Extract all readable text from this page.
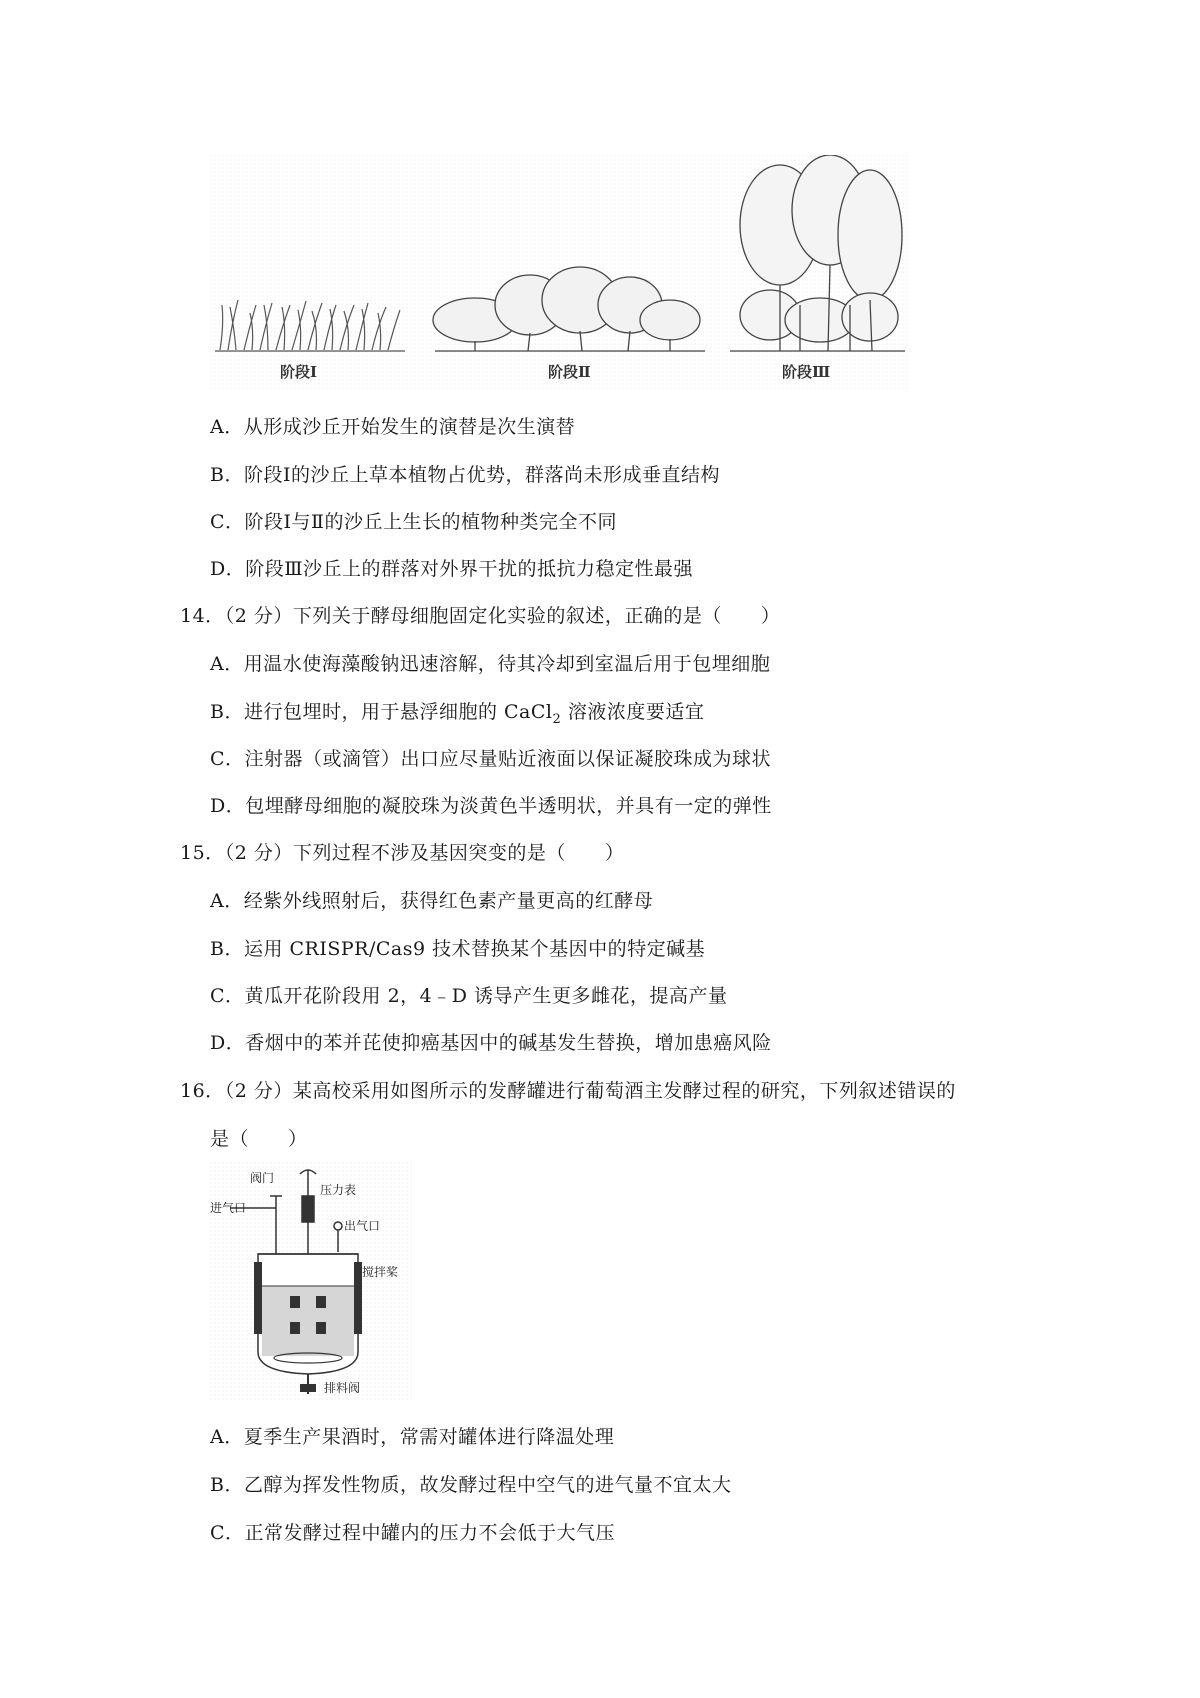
阶段Ⅰ	阶段Ⅱ	阶段Ⅲ
A．从形成沙丘开始发生的演替是次生演替
B．阶段Ⅰ的沙丘上草本植物占优势，群落尚未形成垂直结构
C．阶段Ⅰ与Ⅱ的沙丘上生长的植物种类完全不同
D．阶段Ⅲ沙丘上的群落对外界干扰的抵抗力稳定性最强
14．（2 分）下列关于酵母细胞固定化实验的叙述，正确的是（　　）
A．用温水使海藻酸钠迅速溶解，待其冷却到室温后用于包埋细胞
B．进行包埋时，用于悬浮细胞的 CaCl$_2$ 溶液浓度要适宜
C．注射器（或滴管）出口应尽量贴近液面以保证凝胶珠成为球状
D．包埋酵母细胞的凝胶珠为淡黄色半透明状，并具有一定的弹性
15．（2 分）下列过程不涉及基因突变的是（　　）
A．经紫外线照射后，获得红色素产量更高的红酵母
B．运用 CRISPR/Cas9 技术替换某个基因中的特定碱基
C．黄瓜开花阶段用 2，4﹣D 诱导产生更多雌花，提高产量
D．香烟中的苯并芘使抑癌基因中的碱基发生替换，增加患癌风险
16．（2 分）某高校采用如图所示的发酵罐进行葡萄酒主发酵过程的研究，下列叙述错误的
是（　　）
阀门
进气口
压力表
出气口
搅拌桨
排料阀
A．夏季生产果酒时，常需对罐体进行降温处理
B．乙醇为挥发性物质，故发酵过程中空气的进气量不宜太大
C．正常发酵过程中罐内的压力不会低于大气压
